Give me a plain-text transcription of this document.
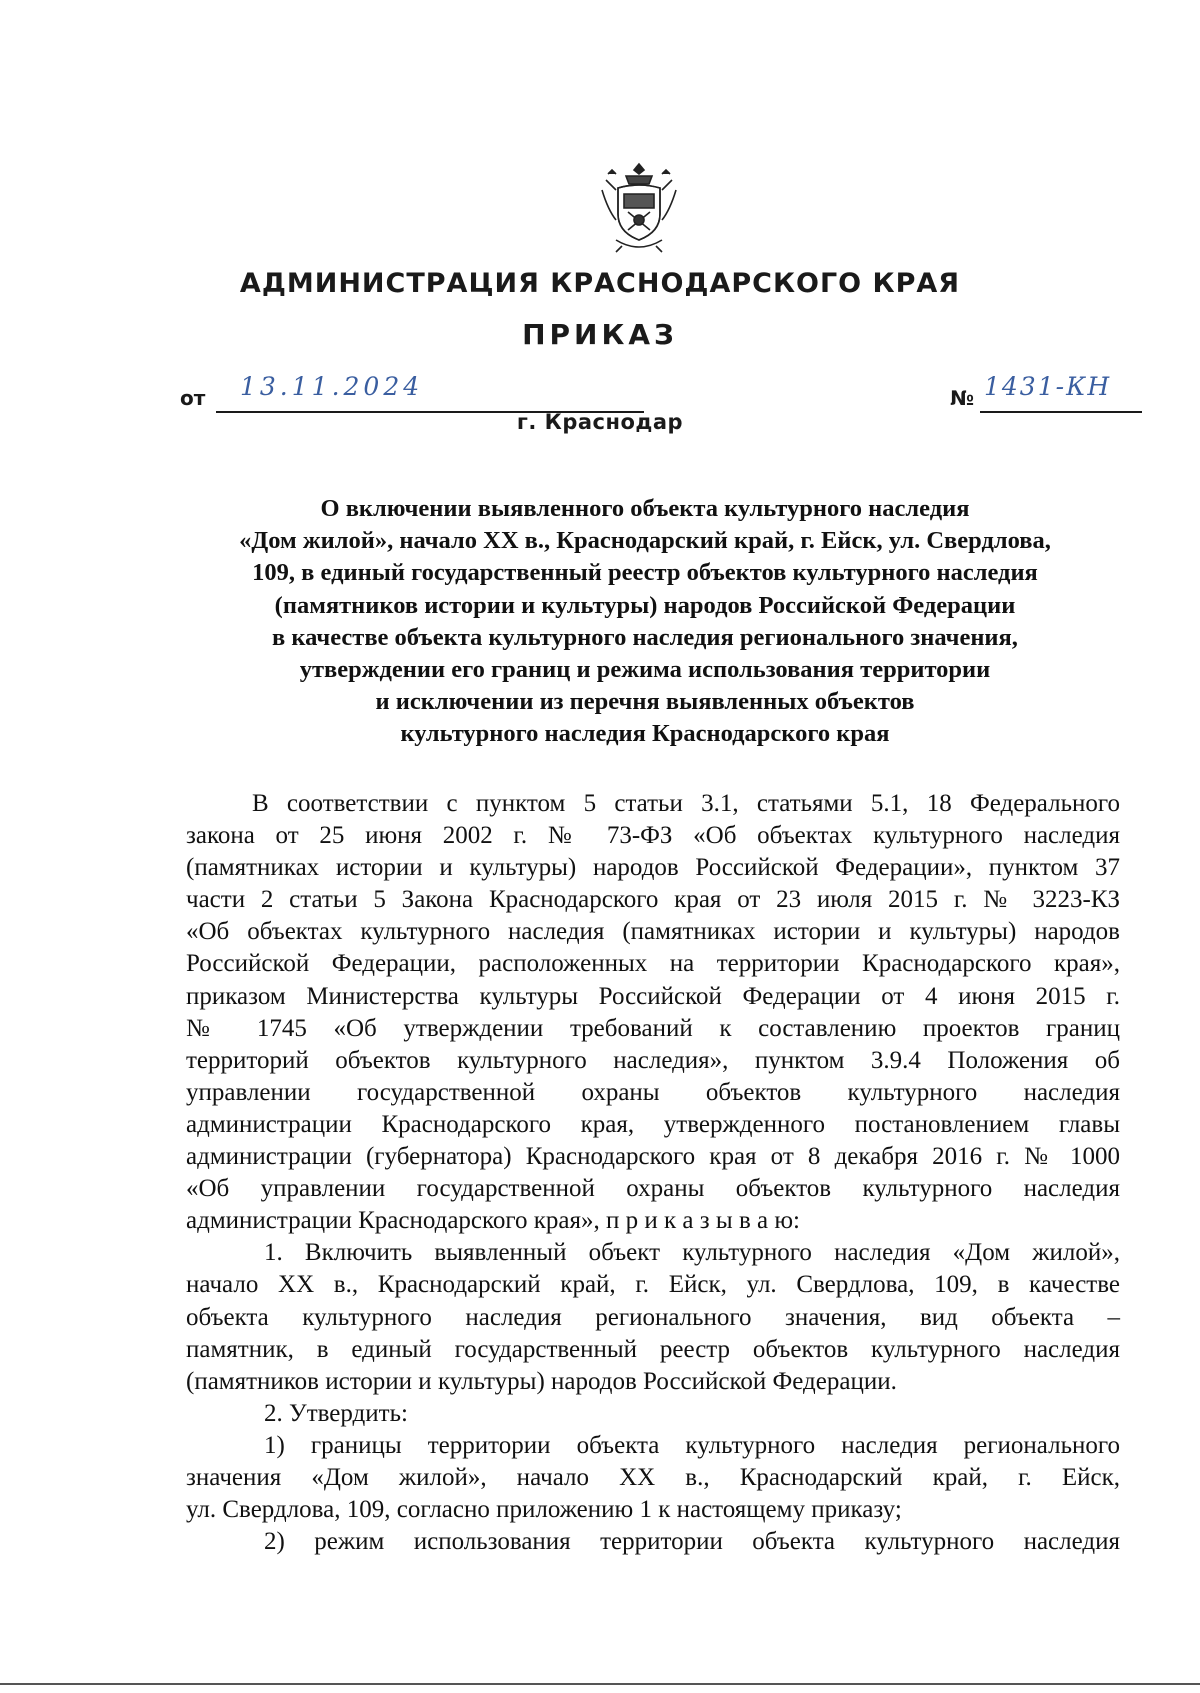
АДМИНИСТРАЦИЯ КРАСНОДАРСКОГО КРАЯ
ПРИКАЗ
от 13.11.2024	№ 1431-КН
г. Краснодар
О включении выявленного объекта культурного наследия
«Дом жилой», начало ХХ в., Краснодарский край, г. Ейск, ул. Свердлова,
109, в единый государственный реестр объектов культурного наследия
(памятников истории и культуры) народов Российской Федерации
в качестве объекта культурного наследия регионального значения,
утверждении его границ и режима использования территории
и исключении из перечня выявленных объектов
культурного наследия Краснодарского края
В соответствии с пунктом 5 статьи 3.1, статьями 5.1, 18 Федерального
закона от 25 июня 2002 г. № 73-ФЗ «Об объектах культурного наследия
(памятниках истории и культуры) народов Российской Федерации», пунктом 37
части 2 статьи 5 Закона Краснодарского края от 23 июля 2015 г. № 3223-КЗ
«Об объектах культурного наследия (памятниках истории и культуры) народов
Российской Федерации, расположенных на территории Краснодарского края»,
приказом Министерства культуры Российской Федерации от 4 июня 2015 г.
№ 1745 «Об утверждении требований к составлению проектов границ
территорий объектов культурного наследия», пунктом 3.9.4 Положения об
управлении государственной охраны объектов культурного наследия
администрации Краснодарского края, утвержденного постановлением главы
администрации (губернатора) Краснодарского края от 8 декабря 2016 г. № 1000
«Об управлении государственной охраны объектов культурного наследия
администрации Краснодарского края», п р и к а з ы в а ю:
1. Включить выявленный объект культурного наследия «Дом жилой»,
начало ХХ в., Краснодарский край, г. Ейск, ул. Свердлова, 109, в качестве
объекта культурного наследия регионального значения, вид объекта –
памятник, в единый государственный реестр объектов культурного наследия
(памятников истории и культуры) народов Российской Федерации.
2. Утвердить:
1) границы территории объекта культурного наследия регионального
значения «Дом жилой», начало ХХ в., Краснодарский край, г. Ейск,
ул. Свердлова, 109, согласно приложению 1 к настоящему приказу;
2) режим использования территории объекта культурного наследия
